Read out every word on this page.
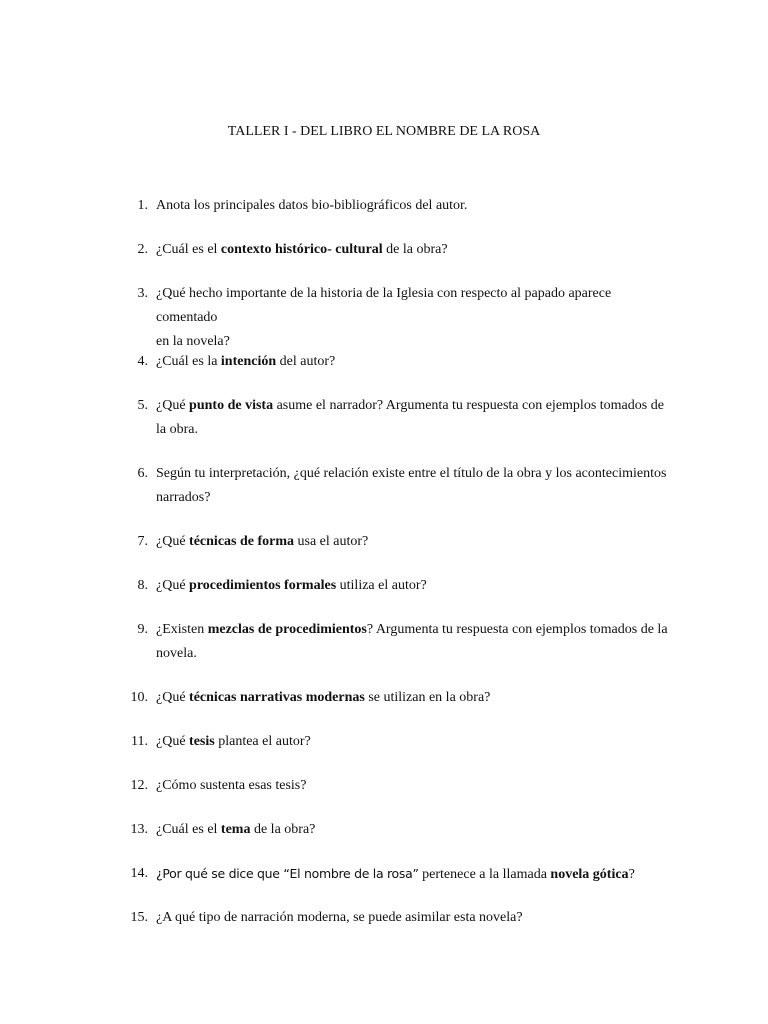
TALLER I - DEL LIBRO EL NOMBRE DE LA ROSA
1. Anota los principales datos bio-bibliográficos del autor.
2. ¿Cuál es el contexto histórico- cultural de la obra?
3. ¿Qué hecho importante de la historia de la Iglesia con respecto al papado aparece comentado
en la novela?
4. ¿Cuál es la intención del autor?
5. ¿Qué punto de vista asume el narrador? Argumenta tu respuesta con ejemplos tomados de
la obra.
6. Según tu interpretación, ¿qué relación existe entre el título de la obra y los acontecimientos
narrados?
7. ¿Qué técnicas de forma usa el autor?
8. ¿Qué procedimientos formales utiliza el autor?
9. ¿Existen mezclas de procedimientos? Argumenta tu respuesta con ejemplos tomados de la
novela.
10. ¿Qué técnicas narrativas modernas se utilizan en la obra?
11. ¿Qué tesis plantea el autor?
12. ¿Cómo sustenta esas tesis?
13. ¿Cuál es el tema de la obra?
14. ¿Por qué se dice que “El nombre de la rosa” pertenece a la llamada novela gótica?
15. ¿A qué tipo de narración moderna, se puede asimilar esta novela?
